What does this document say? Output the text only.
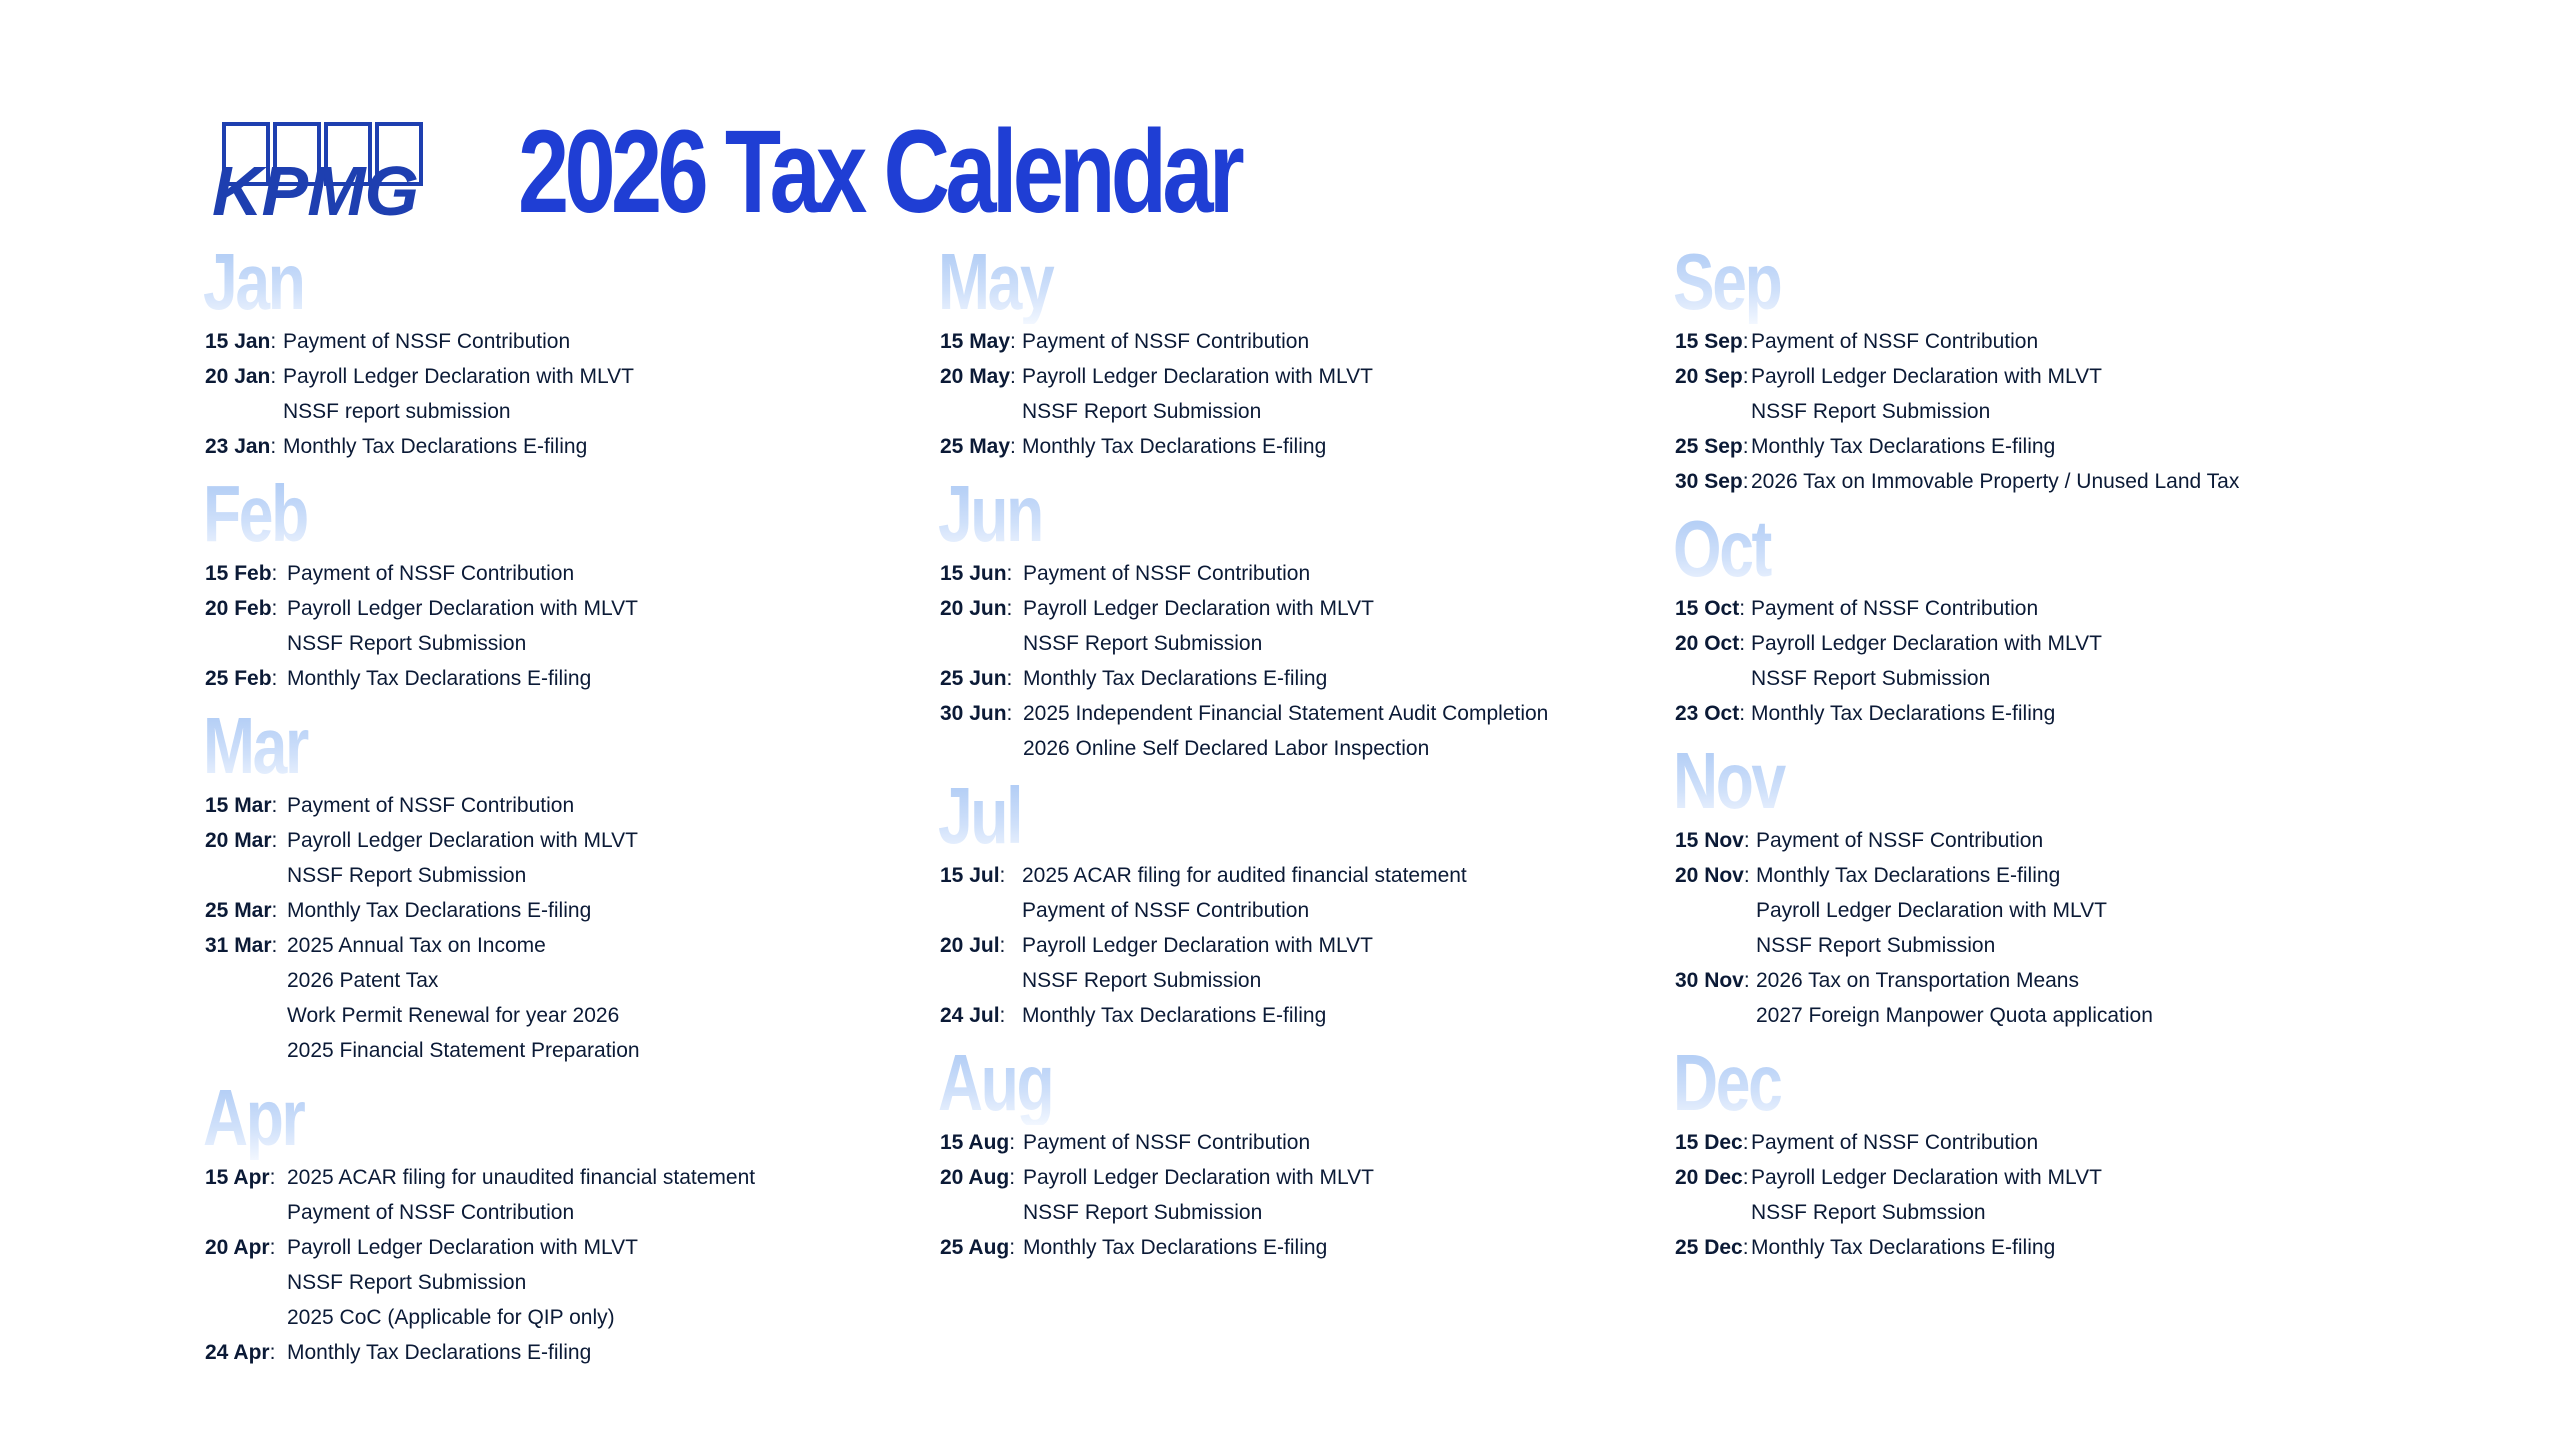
KPMG 2026 Tax Calendar
Jan
15 Jan: Payment of NSSF Contribution
20 Jan: Payroll Ledger Declaration with MLVT
NSSF report submission
23 Jan: Monthly Tax Declarations E-filing
Feb
15 Feb: Payment of NSSF Contribution
20 Feb: Payroll Ledger Declaration with MLVT
NSSF Report Submission
25 Feb: Monthly Tax Declarations E-filing
Mar
15 Mar: Payment of NSSF Contribution
20 Mar: Payroll Ledger Declaration with MLVT
NSSF Report Submission
25 Mar: Monthly Tax Declarations E-filing
31 Mar: 2025 Annual Tax on Income
2026 Patent Tax
Work Permit Renewal for year 2026
2025 Financial Statement Preparation
Apr
15 Apr: 2025 ACAR filing for unaudited financial statement
Payment of NSSF Contribution
20 Apr: Payroll Ledger Declaration with MLVT
NSSF Report Submission
2025 CoC (Applicable for QIP only)
24 Apr: Monthly Tax Declarations E-filing
May
15 May: Payment of NSSF Contribution
20 May: Payroll Ledger Declaration with MLVT
NSSF Report Submission
25 May: Monthly Tax Declarations E-filing
Jun
15 Jun: Payment of NSSF Contribution
20 Jun: Payroll Ledger Declaration with MLVT
NSSF Report Submission
25 Jun: Monthly Tax Declarations E-filing
30 Jun: 2025 Independent Financial Statement Audit Completion
2026 Online Self Declared Labor Inspection
Jul
15 Jul: 2025 ACAR filing for audited financial statement
Payment of NSSF Contribution
20 Jul: Payroll Ledger Declaration with MLVT
NSSF Report Submission
24 Jul: Monthly Tax Declarations E-filing
Aug
15 Aug: Payment of NSSF Contribution
20 Aug: Payroll Ledger Declaration with MLVT
NSSF Report Submission
25 Aug: Monthly Tax Declarations E-filing
Sep
15 Sep: Payment of NSSF Contribution
20 Sep: Payroll Ledger Declaration with MLVT
NSSF Report Submission
25 Sep: Monthly Tax Declarations E-filing
30 Sep: 2026 Tax on Immovable Property / Unused Land Tax
Oct
15 Oct: Payment of NSSF Contribution
20 Oct: Payroll Ledger Declaration with MLVT
NSSF Report Submission
23 Oct: Monthly Tax Declarations E-filing
Nov
15 Nov: Payment of NSSF Contribution
20 Nov: Monthly Tax Declarations E-filing
Payroll Ledger Declaration with MLVT
NSSF Report Submission
30 Nov: 2026 Tax on Transportation Means
2027 Foreign Manpower Quota application
Dec
15 Dec: Payment of NSSF Contribution
20 Dec: Payroll Ledger Declaration with MLVT
NSSF Report Submssion
25 Dec: Monthly Tax Declarations E-filing
